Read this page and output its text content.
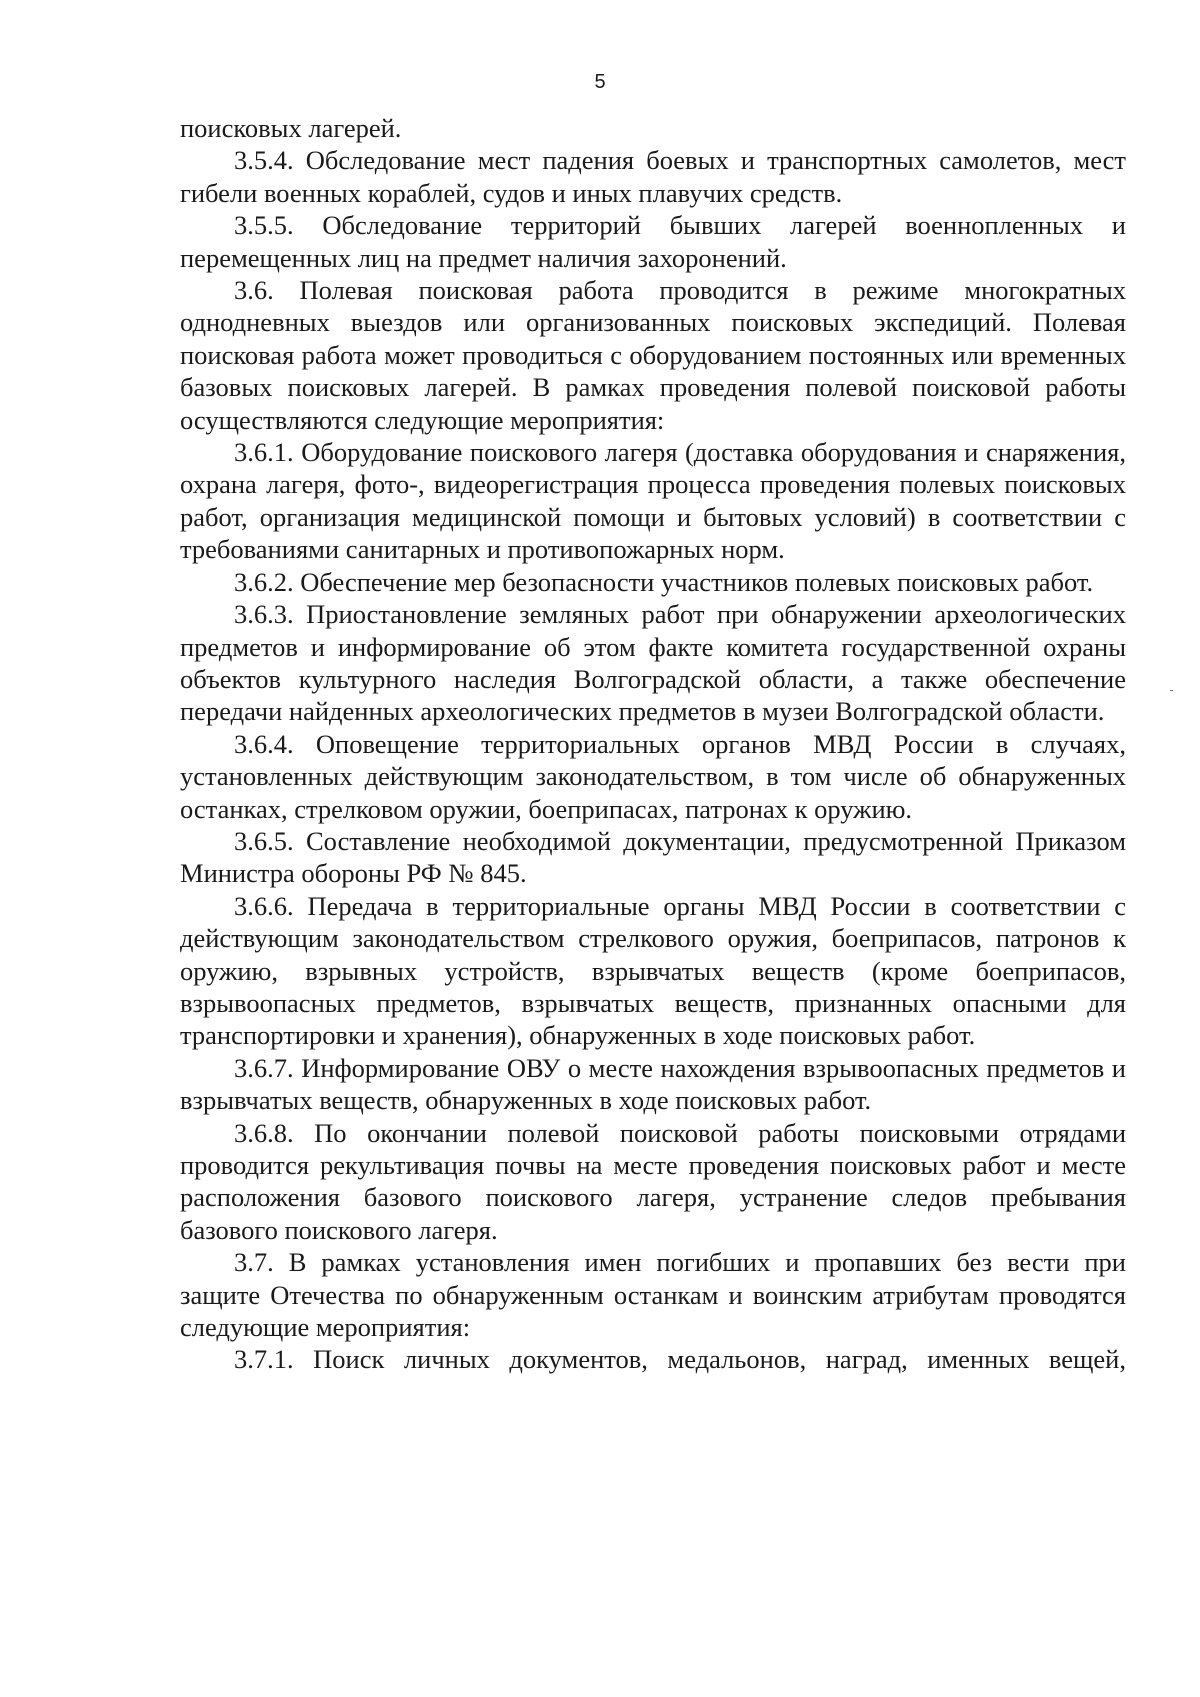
5

поисковых лагерей.

3.5.4. Обследование мест падения боевых и транспортных самолетов, мест гибели военных кораблей, судов и иных плавучих средств.

3.5.5. Обследование территорий бывших лагерей военнопленных и перемещенных лиц на предмет наличия захоронений.

3.6. Полевая поисковая работа проводится в режиме многократных однодневных выездов или организованных поисковых экспедиций. Полевая поисковая работа может проводиться с оборудованием постоянных или временных базовых поисковых лагерей. В рамках проведения полевой поисковой работы осуществляются следующие мероприятия:

3.6.1. Оборудование поискового лагеря (доставка оборудования и снаряжения, охрана лагеря, фото-, видеорегистрация процесса проведения полевых поисковых работ, организация медицинской помощи и бытовых условий) в соответствии с требованиями санитарных и противопожарных норм.

3.6.2. Обеспечение мер безопасности участников полевых поисковых работ.

3.6.3. Приостановление земляных работ при обнаружении археологических предметов и информирование об этом факте комитета государственной охраны объектов культурного наследия Волгоградской области, а также обеспечение передачи найденных археологических предметов в музеи Волгоградской области.

3.6.4. Оповещение территориальных органов МВД России в случаях, установленных действующим законодательством, в том числе об обнаруженных останках, стрелковом оружии, боеприпасах, патронах к оружию.

3.6.5. Составление необходимой документации, предусмотренной Приказом Министра обороны РФ № 845.

3.6.6. Передача в территориальные органы МВД России в соответствии с действующим законодательством стрелкового оружия, боеприпасов, патронов к оружию, взрывных устройств, взрывчатых веществ (кроме боеприпасов, взрывоопасных предметов, взрывчатых веществ, признанных опасными для транспортировки и хранения), обнаруженных в ходе поисковых работ.

3.6.7. Информирование ОВУ о месте нахождения взрывоопасных предметов и взрывчатых веществ, обнаруженных в ходе поисковых работ.

3.6.8. По окончании полевой поисковой работы поисковыми отрядами проводится рекультивация почвы на месте проведения поисковых работ и месте расположения базового поискового лагеря, устранение следов пребывания базового поискового лагеря.

3.7. В рамках установления имен погибших и пропавших без вести при защите Отечества по обнаруженным останкам и воинским атрибутам проводятся следующие мероприятия:

3.7.1. Поиск личных документов, медальонов, наград, именных вещей,
